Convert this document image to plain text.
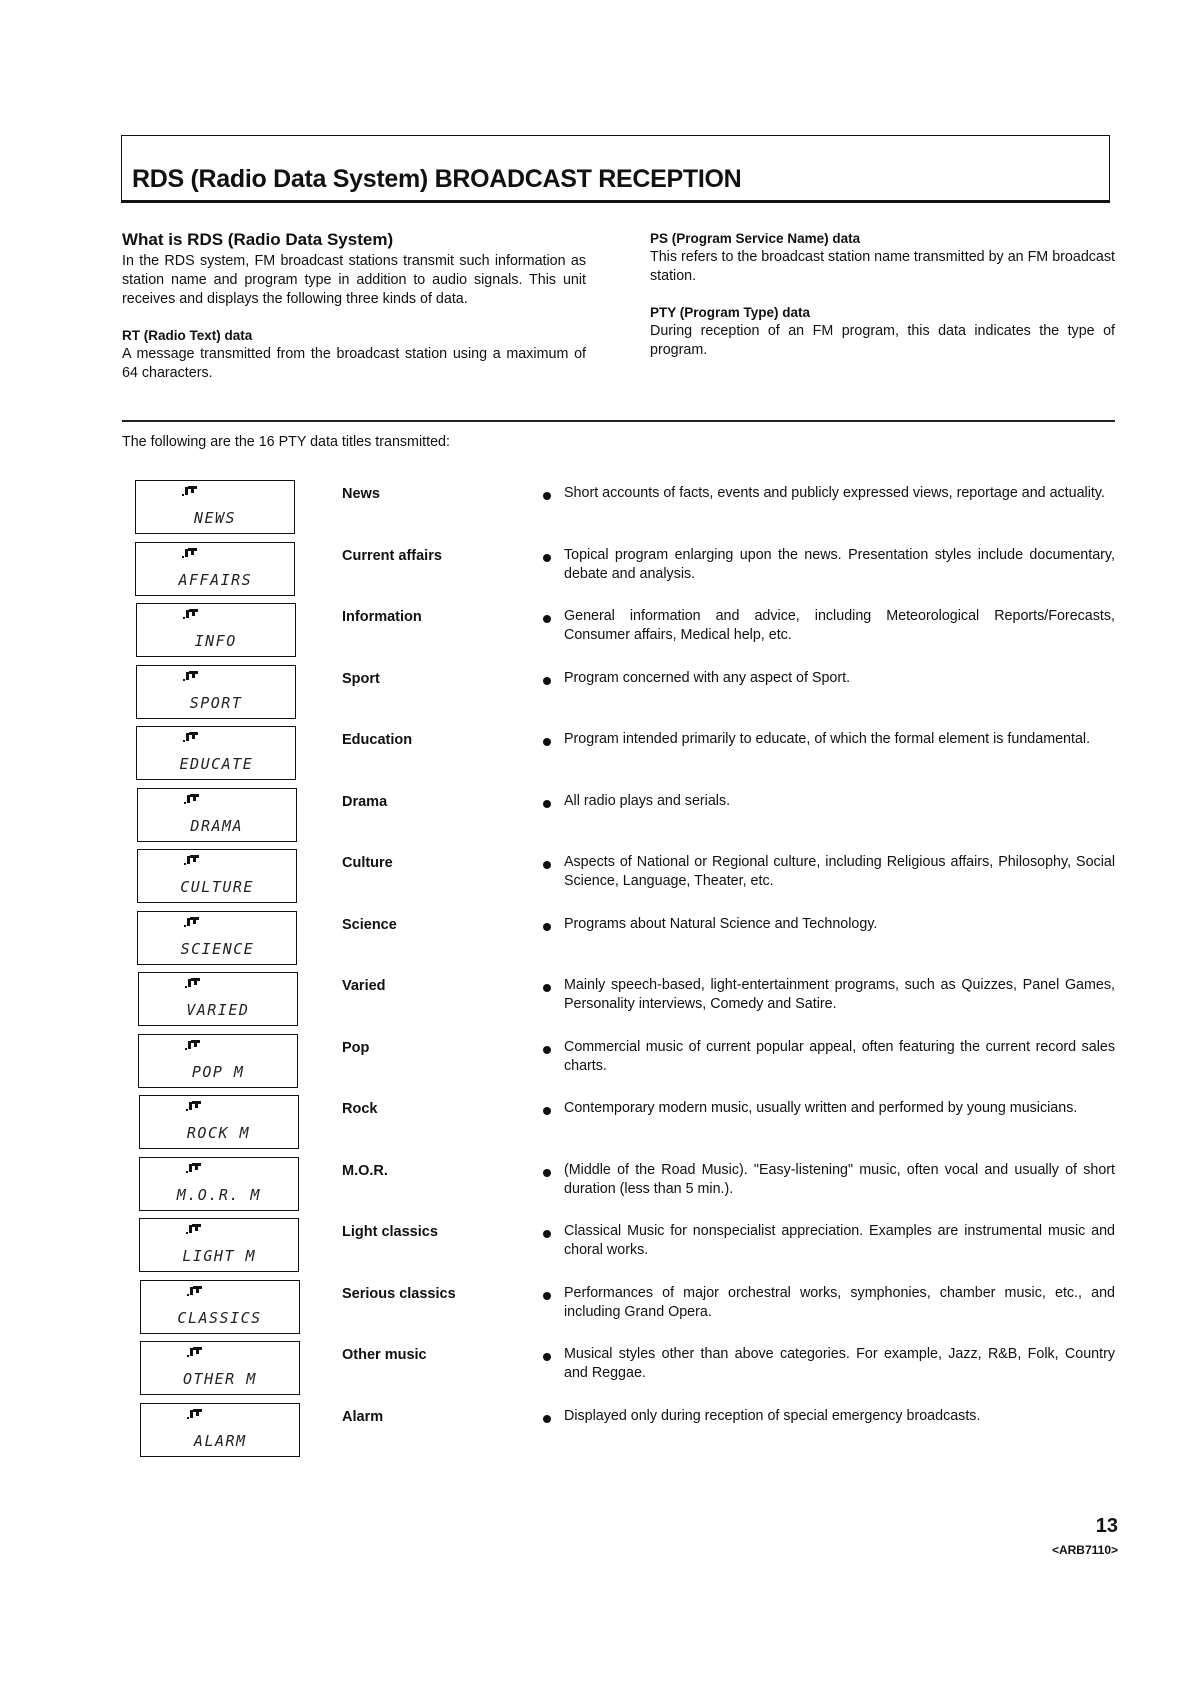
RDS (Radio Data System) BROADCAST RECEPTION
What is RDS (Radio Data System)

In the RDS system, FM broadcast stations transmit such information as station name and program type in addition to audio signals. This unit receives and displays the following three kinds of data.

RT (Radio Text) data

A message transmitted from the broadcast station using a maximum of 64 characters.

PS (Program Service Name) data

This refers to the broadcast station name transmitted by an FM broadcast station.

PTY (Program Type) data

During reception of an FM program, this data indicates the type of program.

The following are the 16 PTY data titles transmitted:
NEWS
News	Short accounts of facts, events and publicly expressed views, reportage and actuality.
AFFAIRS
Current affairs	Topical program enlarging upon the news. Presentation styles include documentary, debate and analysis.
INFO
Information	General information and advice, including Meteorological Reports/Forecasts, Consumer affairs, Medical help, etc.
SPORT
Sport	Program concerned with any aspect of Sport.
EDUCATE
Education	Program intended primarily to educate, of which the formal element is fundamental.
DRAMA
Drama	All radio plays and serials.
CULTURE
Culture	Aspects of National or Regional culture, including Religious affairs, Philosophy, Social Science, Language, Theater, etc.
SCIENCE
Science	Programs about Natural Science and Technology.
VARIED
Varied	Mainly speech-based, light-entertainment programs, such as Quizzes, Panel Games, Personality interviews, Comedy and Satire.
POP M
Pop	Commercial music of current popular appeal, often featuring the current record sales charts.
ROCK M
Rock	Contemporary modern music, usually written and performed by young musicians.
M.O.R. M
M.O.R.	(Middle of the Road Music). "Easy-listening" music, often vocal and usually of short duration (less than 5 min.).
LIGHT M
Light classics	Classical Music for nonspecialist appreciation. Examples are instrumental music and choral works.
CLASSICS
Serious classics	Performances of major orchestral works, symphonies, chamber music, etc., and including Grand Opera.
OTHER M
Other music	Musical styles other than above categories. For example, Jazz, R&B, Folk, Country and Reggae.
ALARM
Alarm	Displayed only during reception of special emergency broadcasts.
13
<ARB7110>
